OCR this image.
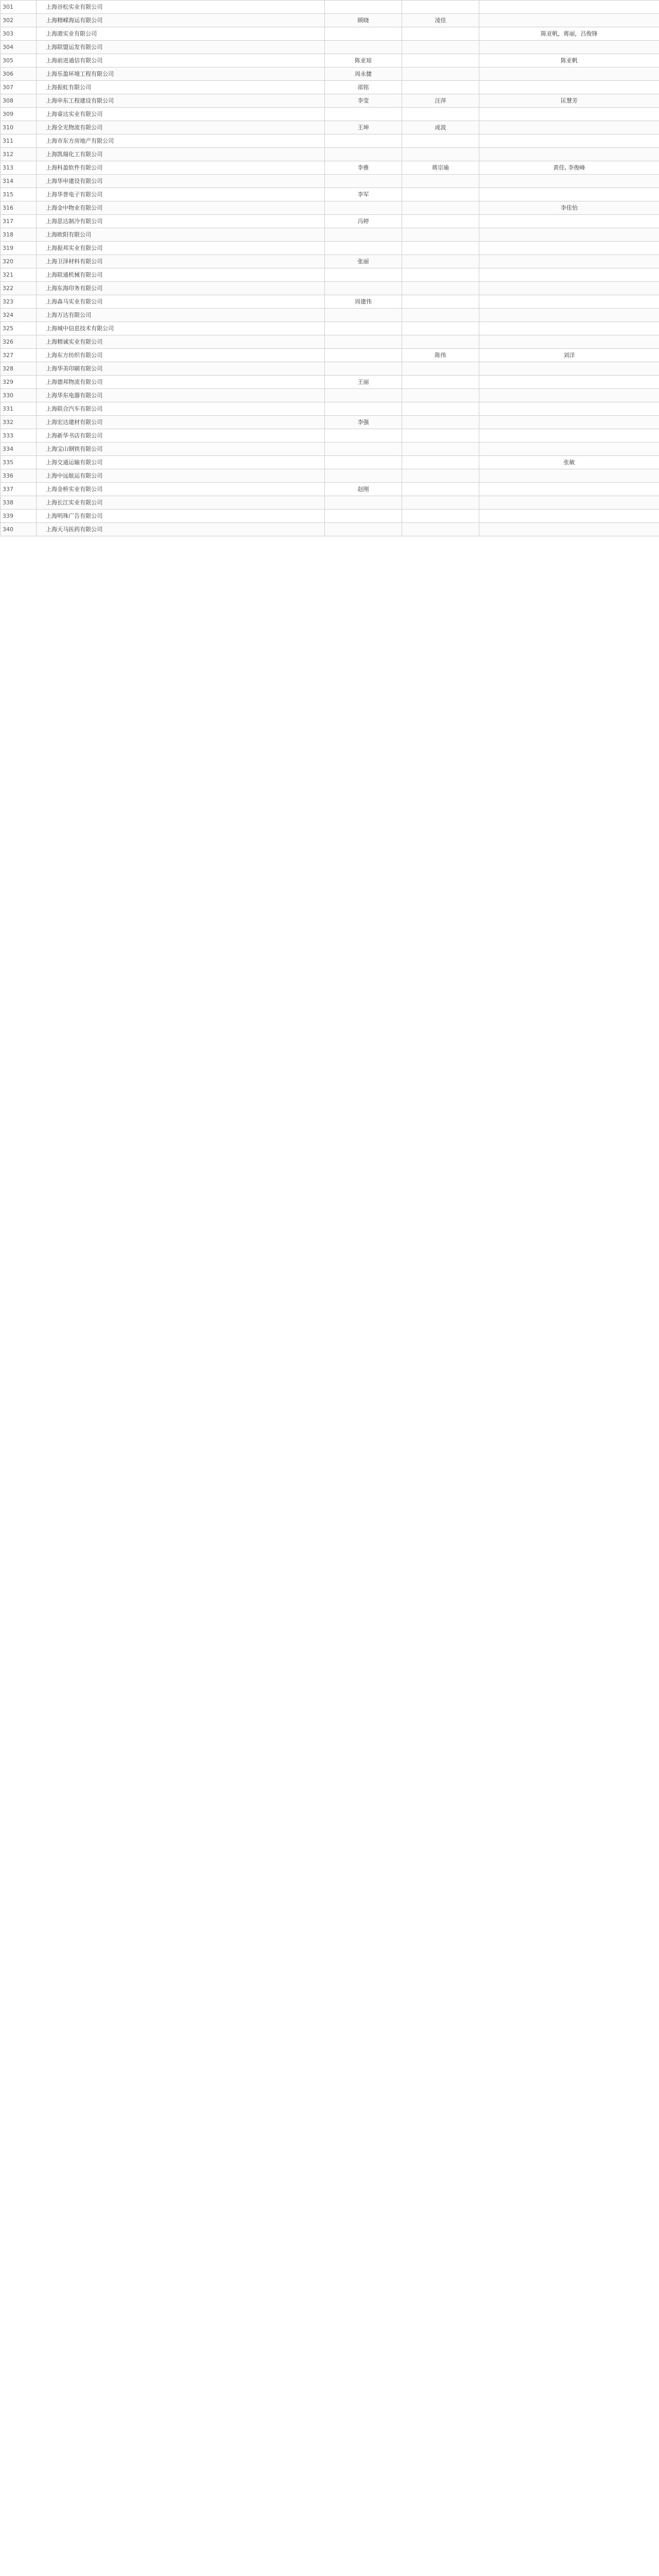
301	上海谷松实业有限公司			
302	上海精嵘海运有限公司	顾晓	凌佳	
303	上海港实业有限公司			陈亚帆，蒋丽，吕俊锋
304	上海联盟运发有限公司			
305	上海前进通信有限公司	陈亚琼		陈亚帆
306	上海乐盈环境工程有限公司	周永捷		
307	上海振虹有限公司	邵铭		
308	上海申东工程建设有限公司	李莹	汪萍	匡慧芳
309	上海睿达实业有限公司			
310	上海全光物流有限公司	王坤	成波	
311	上海市东方房地产有限公司			
312	上海凯瑞化工有限公司			
313	上海科盈软件有限公司	李雅	蒋宗瑜	黄佳, 李俊峰
314	上海华申建设有限公司			
315	上海华普电子有限公司	李军		
316	上海金中物业有限公司			李佳怡
317	上海思达制冷有限公司	冯婷		
318	上海欧阳有限公司			
319	上海振邦实业有限公司			
320	上海卫泽材料有限公司	张丽		
321	上海联通机械有限公司			
322	上海东海印务有限公司			
323	上海森马实业有限公司	周建伟		
324	上海万达有限公司			
325	上海城中信息技术有限公司			
326	上海精诚实业有限公司			
327	上海东方纺织有限公司		陈伟	刘洋
328	上海华美印刷有限公司			
329	上海德邦物流有限公司	王丽		
330	上海华东电器有限公司			
331	上海联合汽车有限公司			
332	上海宏达建材有限公司	李强		
333	上海新华书店有限公司			
334	上海宝山钢铁有限公司			
335	上海交通运输有限公司			张敏
336	上海中远航运有限公司			
337	上海金桥实业有限公司	赵刚		
338	上海长江实业有限公司			
339	上海明珠广告有限公司			
340	上海天马医药有限公司			
